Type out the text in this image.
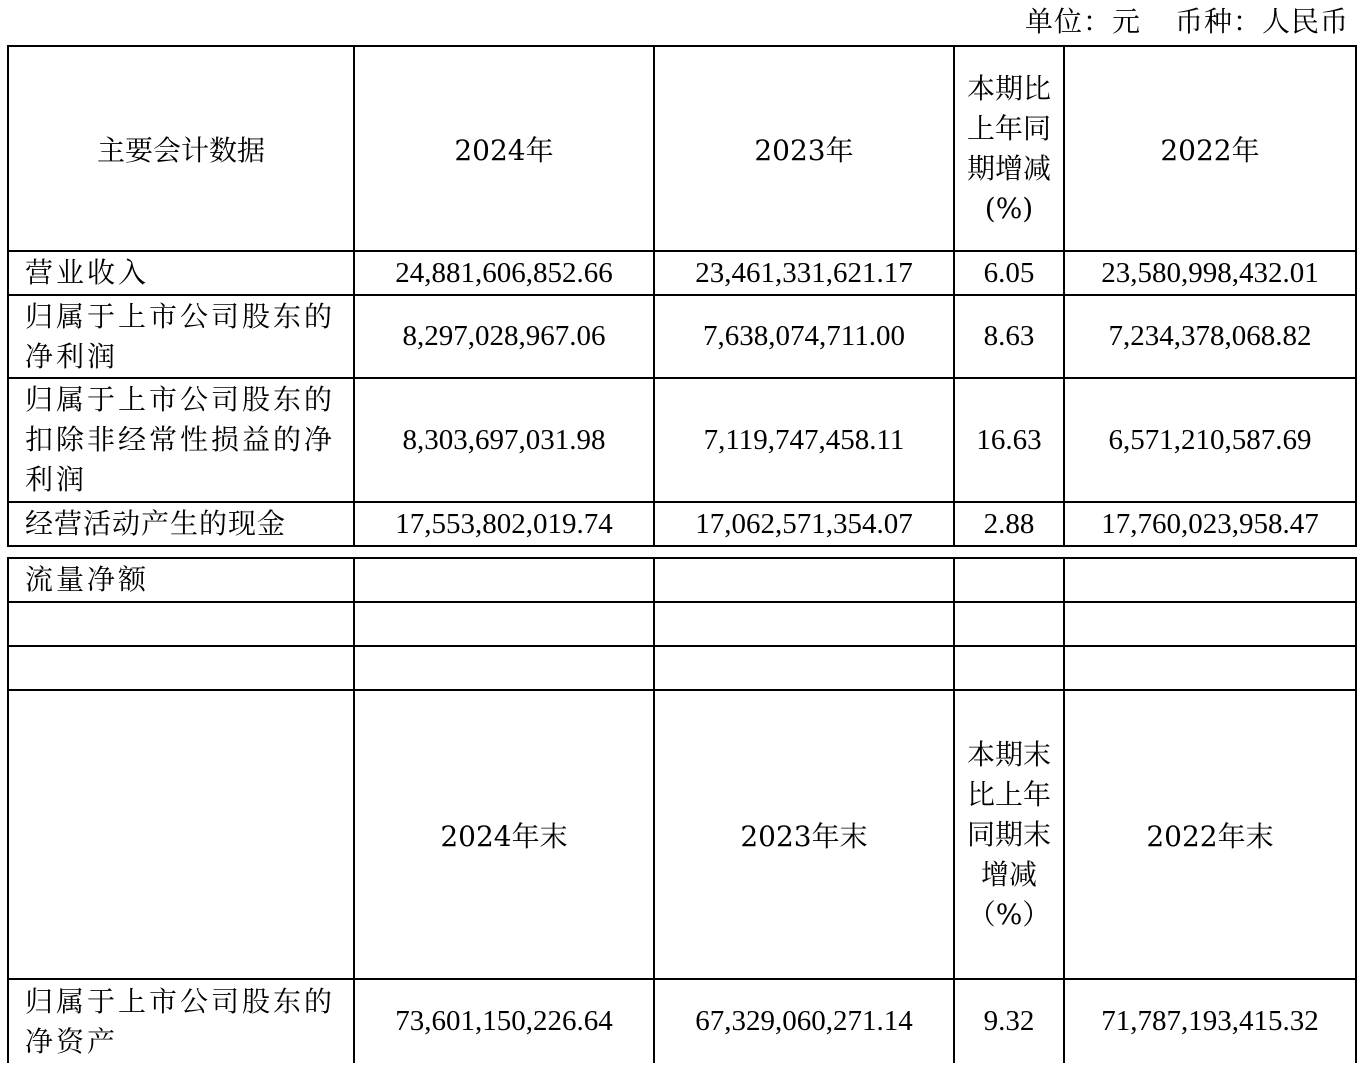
单位：元 币种：人民币
主要会计数据	2024年	2023年	本期比上年同期增减(%)	2022年
营业收入	24,881,606,852.66	23,461,331,621.17	6.05	23,580,998,432.01
归属于上市公司股东的净利润	8,297,028,967.06	7,638,074,711.00	8.63	7,234,378,068.82
归属于上市公司股东的扣除非经常性损益的净利润	8,303,697,031.98	7,119,747,458.11	16.63	6,571,210,587.69
经营活动产生的现金	17,553,802,019.74	17,062,571,354.07	2.88	17,760,023,958.47
流量净额				

	2024年末	2023年末	本期末比上年同期末增减（%）	2022年末
归属于上市公司股东的净资产	73,601,150,226.64	67,329,060,271.14	9.32	71,787,193,415.32
